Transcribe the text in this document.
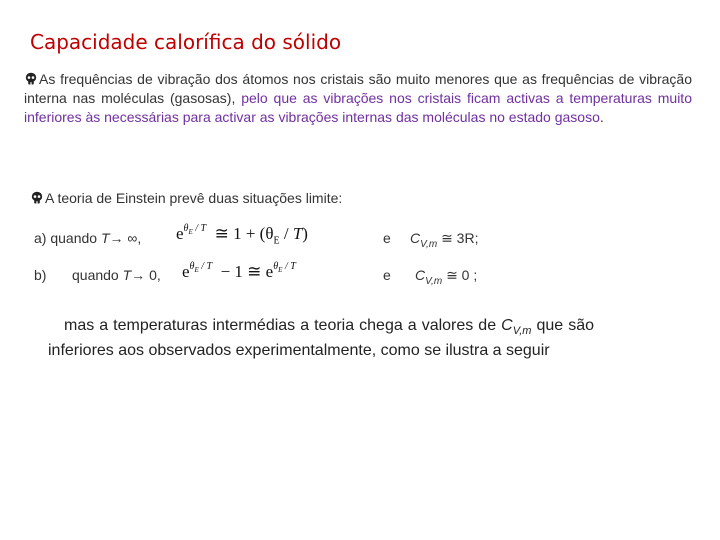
Capacidade calorífica do sólido
As frequências de vibração dos átomos nos cristais são muito menores que as frequências de vibração interna nas moléculas (gasosas), pelo que as vibrações nos cristais ficam activas a temperaturas muito inferiores às necessárias para activar as vibrações internas das moléculas no estado gasoso.
A teoria de Einstein prevê duas situações limite:
a) quando T→ ∞, $e^{\theta_E / T}$  ≅ $1 + (\theta_E / T)$	e $C_{V,m}$ ≅ 3R;
b) quando T→ 0, $e^{\theta_E / T} - 1$ ≅ $e^{\theta_E / T}$
e $C_{V,m}$ ≅ 0 ;
mas a temperaturas intermédias a teoria chega a valores de $C_{V,m}$ que são inferiores aos observados experimentalmente, como se ilustra a seguir
